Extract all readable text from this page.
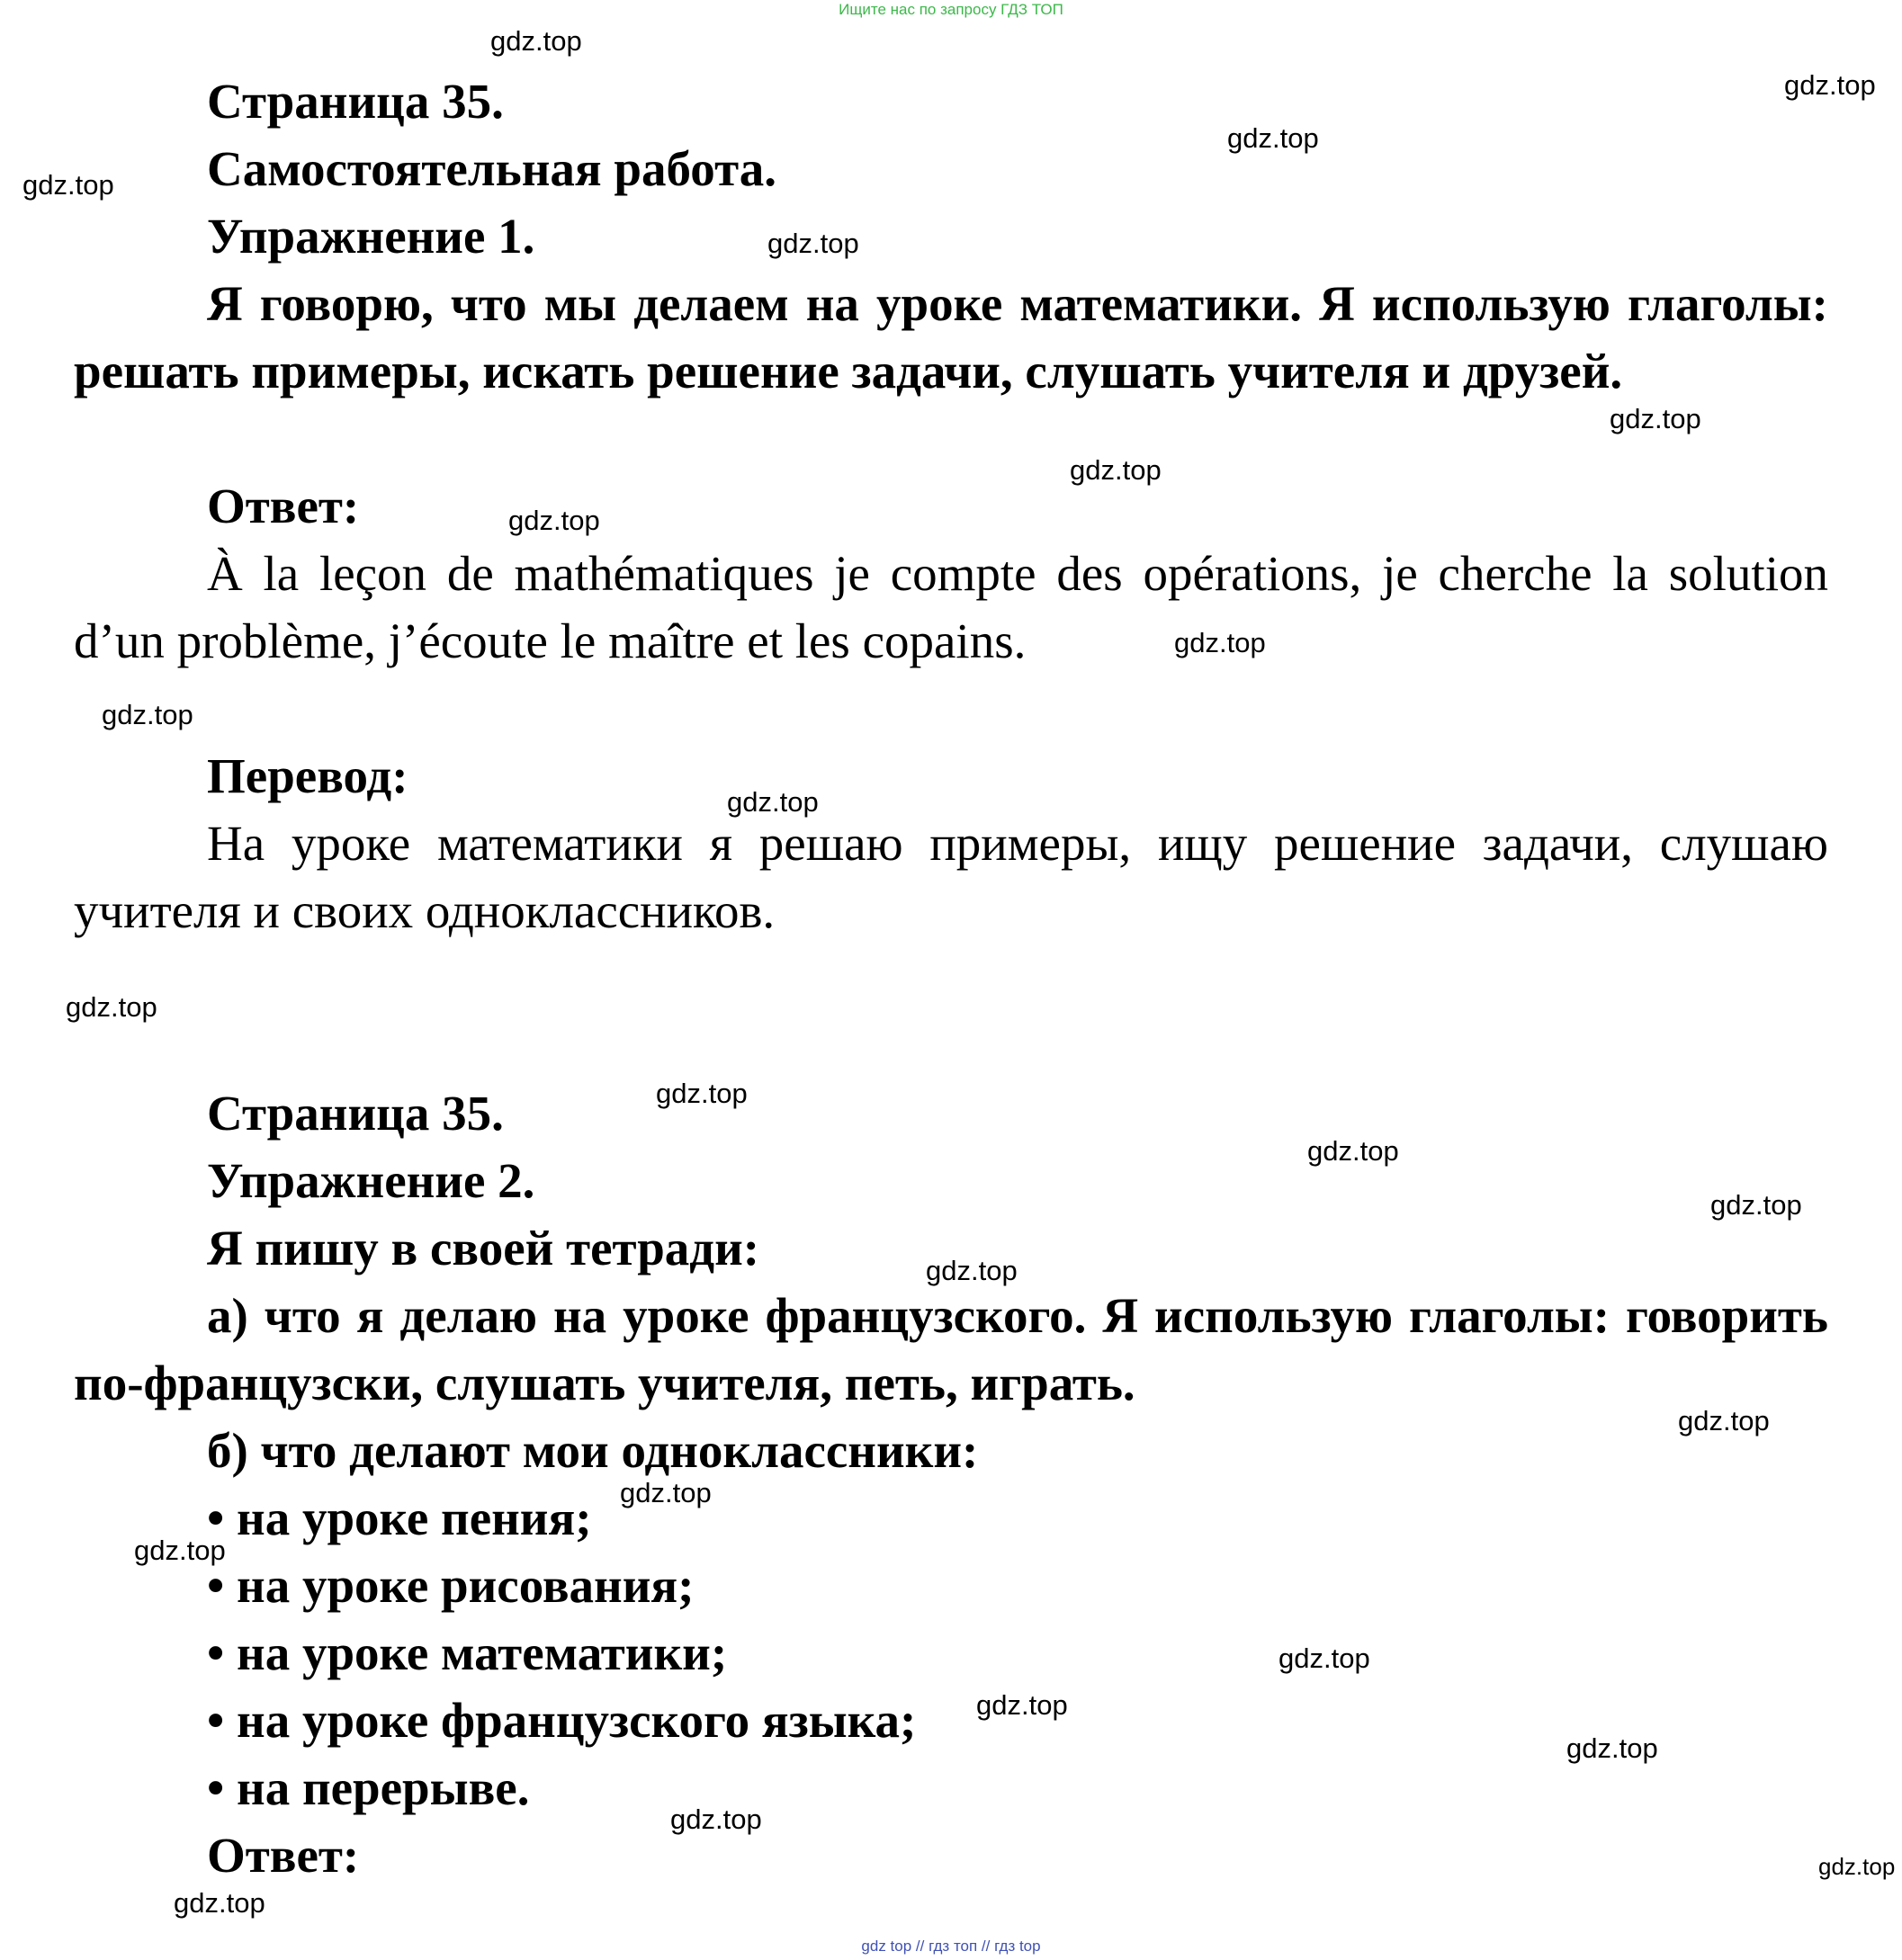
Ищите нас по запросу ГДЗ ТОП
Страница 35.
Самостоятельная работа.
Упражнение 1.

Я говорю, что мы делаем на уроке математики. Я использую глаголы: решать примеры, искать решение задачи, слушать учителя и друзей.

Ответ:

À la leçon de mathématiques je compte des opérations, je cherche la solution d’un problème, j’écoute le maître et les copains.

Перевод:

На уроке математики я решаю примеры, ищу решение задачи, слушаю учителя и своих одноклассников.

Страница 35.
Упражнение 2.
Я пишу в своей тетради:

а) что я делаю на уроке французского. Я использую глаголы: говорить по-французски, слушать учителя, петь, играть.

б) что делают мои одноклассники:
• на уроке пения;
• на уроке рисования;
• на уроке математики;
• на уроке французского языка;
• на перерыве.
Ответ:
gdz.top
gdz.top
gdz.top
gdz.top
gdz.top
gdz.top
gdz.top
gdz.top
gdz.top
gdz.top
gdz.top
gdz.top
gdz.top
gdz.top
gdz.top
gdz.top
gdz.top
gdz.top
gdz.top
gdz.top
gdz.top
gdz.top
gdz.top
gdz.top
gdz.top
gdz top // гдз топ // гдз top
